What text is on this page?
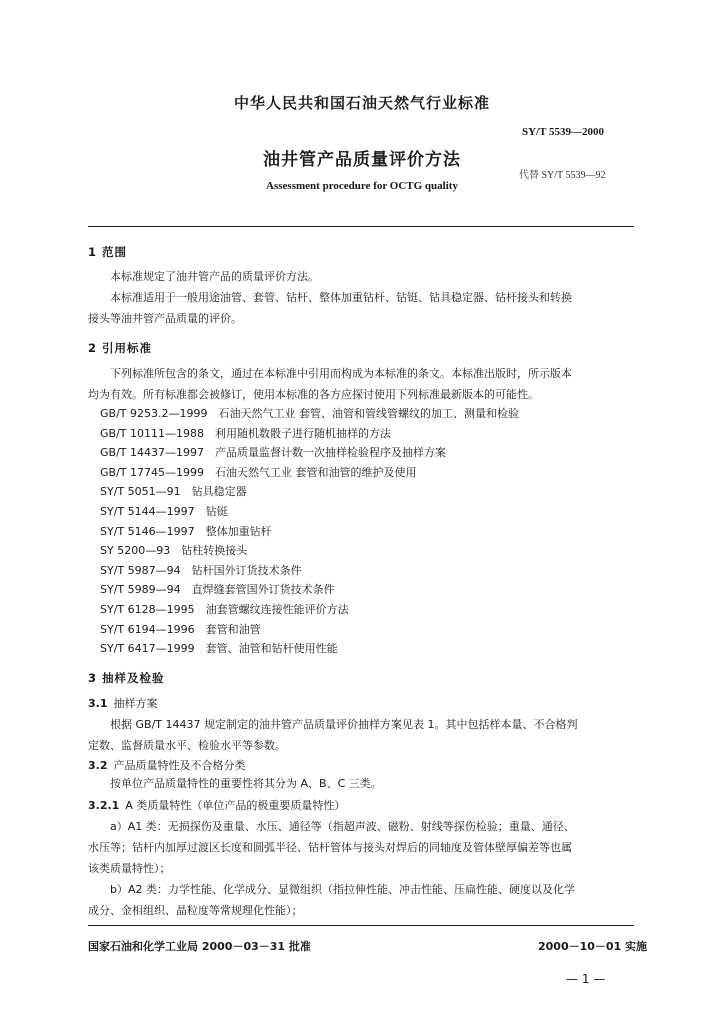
中华人民共和国石油天然气行业标准
SY/T 5539—2000
油井管产品质量评价方法
代替 SY/T 5539—92
Assessment procedure for OCTG quality
1 范围

本标准规定了油井管产品的质量评价方法。

本标准适用于一般用途油管、套管、钻杆、整体加重钻杆、钻铤、钻具稳定器、钻杆接头和转换

接头等油井管产品质量的评价。

2 引用标准

下列标准所包含的条文，通过在本标准中引用而构成为本标准的条文。本标准出版时，所示版本

均为有效。所有标准都会被修订，使用本标准的各方应探讨使用下列标准最新版本的可能性。

GB/T 9253.2—1999　 石油天然气工业 套管、油管和管线管螺纹的加工、测量和检验
GB/T 10111—1988　 利用随机数骰子进行随机抽样的方法
GB/T 14437—1997　 产品质量监督计数一次抽样检验程序及抽样方案
GB/T 17745—1999　 石油天然气工业 套管和油管的维护及使用
SY/T 5051—91　 钻具稳定器
SY/T 5144—1997　 钻铤
SY/T 5146—1997　 整体加重钻杆
SY 5200—93　 钻柱转换接头
SY/T 5987—94　 钻杆国外订货技术条件
SY/T 5989—94　 直焊缝套管国外订货技术条件
SY/T 6128—1995　 油套管螺纹连接性能评价方法
SY/T 6194—1996　 套管和油管
SY/T 6417—1999　 套管、油管和钻杆使用性能
3 抽样及检验
3.1 抽样方案

根据 GB/T 14437 规定制定的油井管产品质量评价抽样方案见表 1。其中包括样本量、不合格判

定数、监督质量水平、检验水平等参数。

3.2 产品质量特性及不合格分类

按单位产品质量特性的重要性将其分为 A、B、C 三类。

3.2.1 A 类质量特性（单位产品的极重要质量特性）

a）A1 类：无损探伤及重量、水压、通径等（指超声波、磁粉、射线等探伤检验；重量、通径、

水压等；钻杆内加厚过渡区长度和圆弧半径、钻杆管体与接头对焊后的同轴度及管体壁厚偏差等也属

该类质量特性）；

b）A2 类：力学性能、化学成分、显微组织（指拉伸性能、冲击性能、压扁性能、硬度以及化学

成分、金相组织、晶粒度等常规理化性能）；

国家石油和化学工业局 2000－03－31 批准	2000－10－01 实施
— 1 —
